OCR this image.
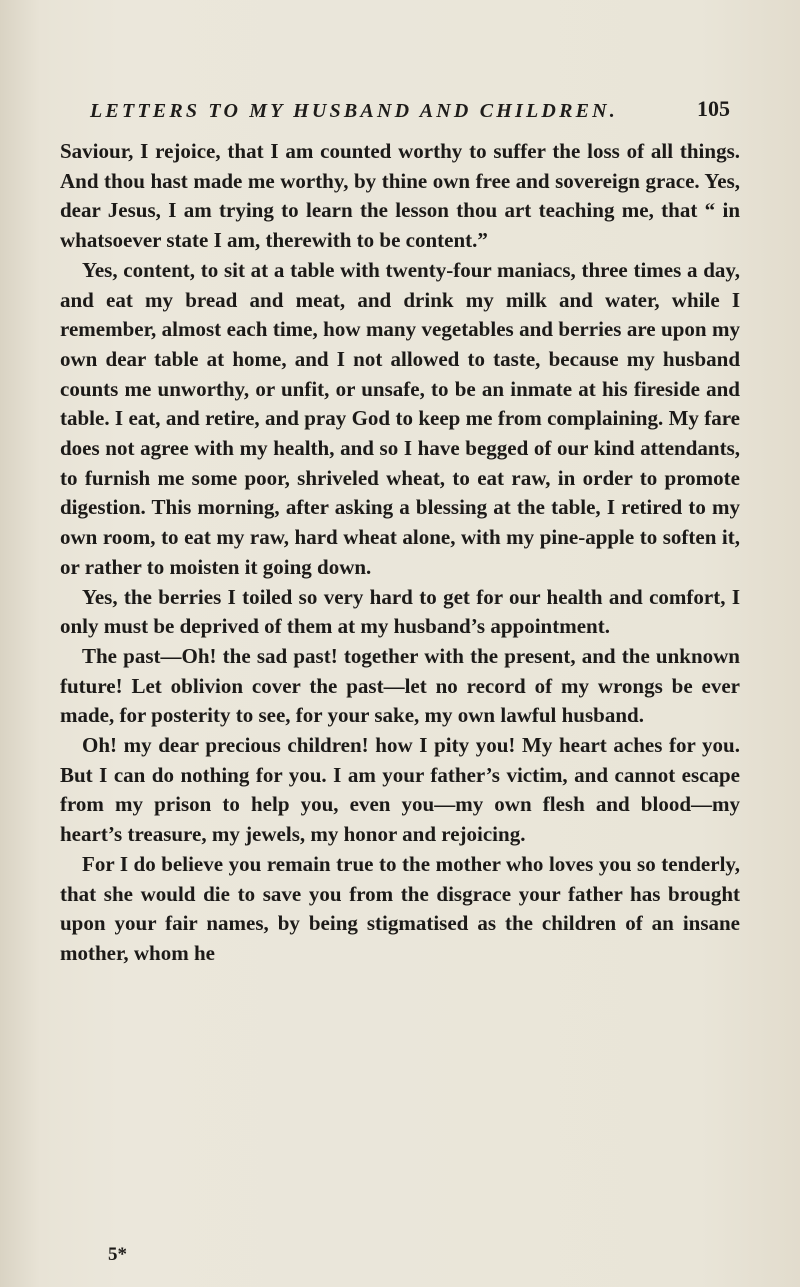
LETTERS TO MY HUSBAND AND CHILDREN.	105

Saviour, I rejoice, that I am counted worthy to suffer the loss of all things. And thou hast made me worthy, by thine own free and sovereign grace. Yes, dear Jesus, I am trying to learn the lesson thou art teaching me, that “ in whatsoever state I am, therewith to be content.”

Yes, content, to sit at a table with twenty-four maniacs, three times a day, and eat my bread and meat, and drink my milk and water, while I remember, almost each time, how many vegetables and berries are upon my own dear table at home, and I not allowed to taste, because my husband counts me unworthy, or unfit, or unsafe, to be an inmate at his fireside and table. I eat, and retire, and pray God to keep me from complaining. My fare does not agree with my health, and so I have begged of our kind attendants, to furnish me some poor, shriveled wheat, to eat raw, in order to promote digestion. This morning, after asking a blessing at the table, I retired to my own room, to eat my raw, hard wheat alone, with my pine-apple to soften it, or rather to moisten it going down.

Yes, the berries I toiled so very hard to get for our health and comfort, I only must be deprived of them at my husband’s appointment.

The past—Oh! the sad past! together with the present, and the unknown future! Let oblivion cover the past—let no record of my wrongs be ever made, for posterity to see, for your sake, my own lawful husband.

Oh! my dear precious children! how I pity you! My heart aches for you. But I can do nothing for you. I am your father’s victim, and cannot escape from my prison to help you, even you—my own flesh and blood—my heart’s treasure, my jewels, my honor and rejoicing.

For I do believe you remain true to the mother who loves you so tenderly, that she would die to save you from the disgrace your father has brought upon your fair names, by being stigmatised as the children of an insane mother, whom he

5*
